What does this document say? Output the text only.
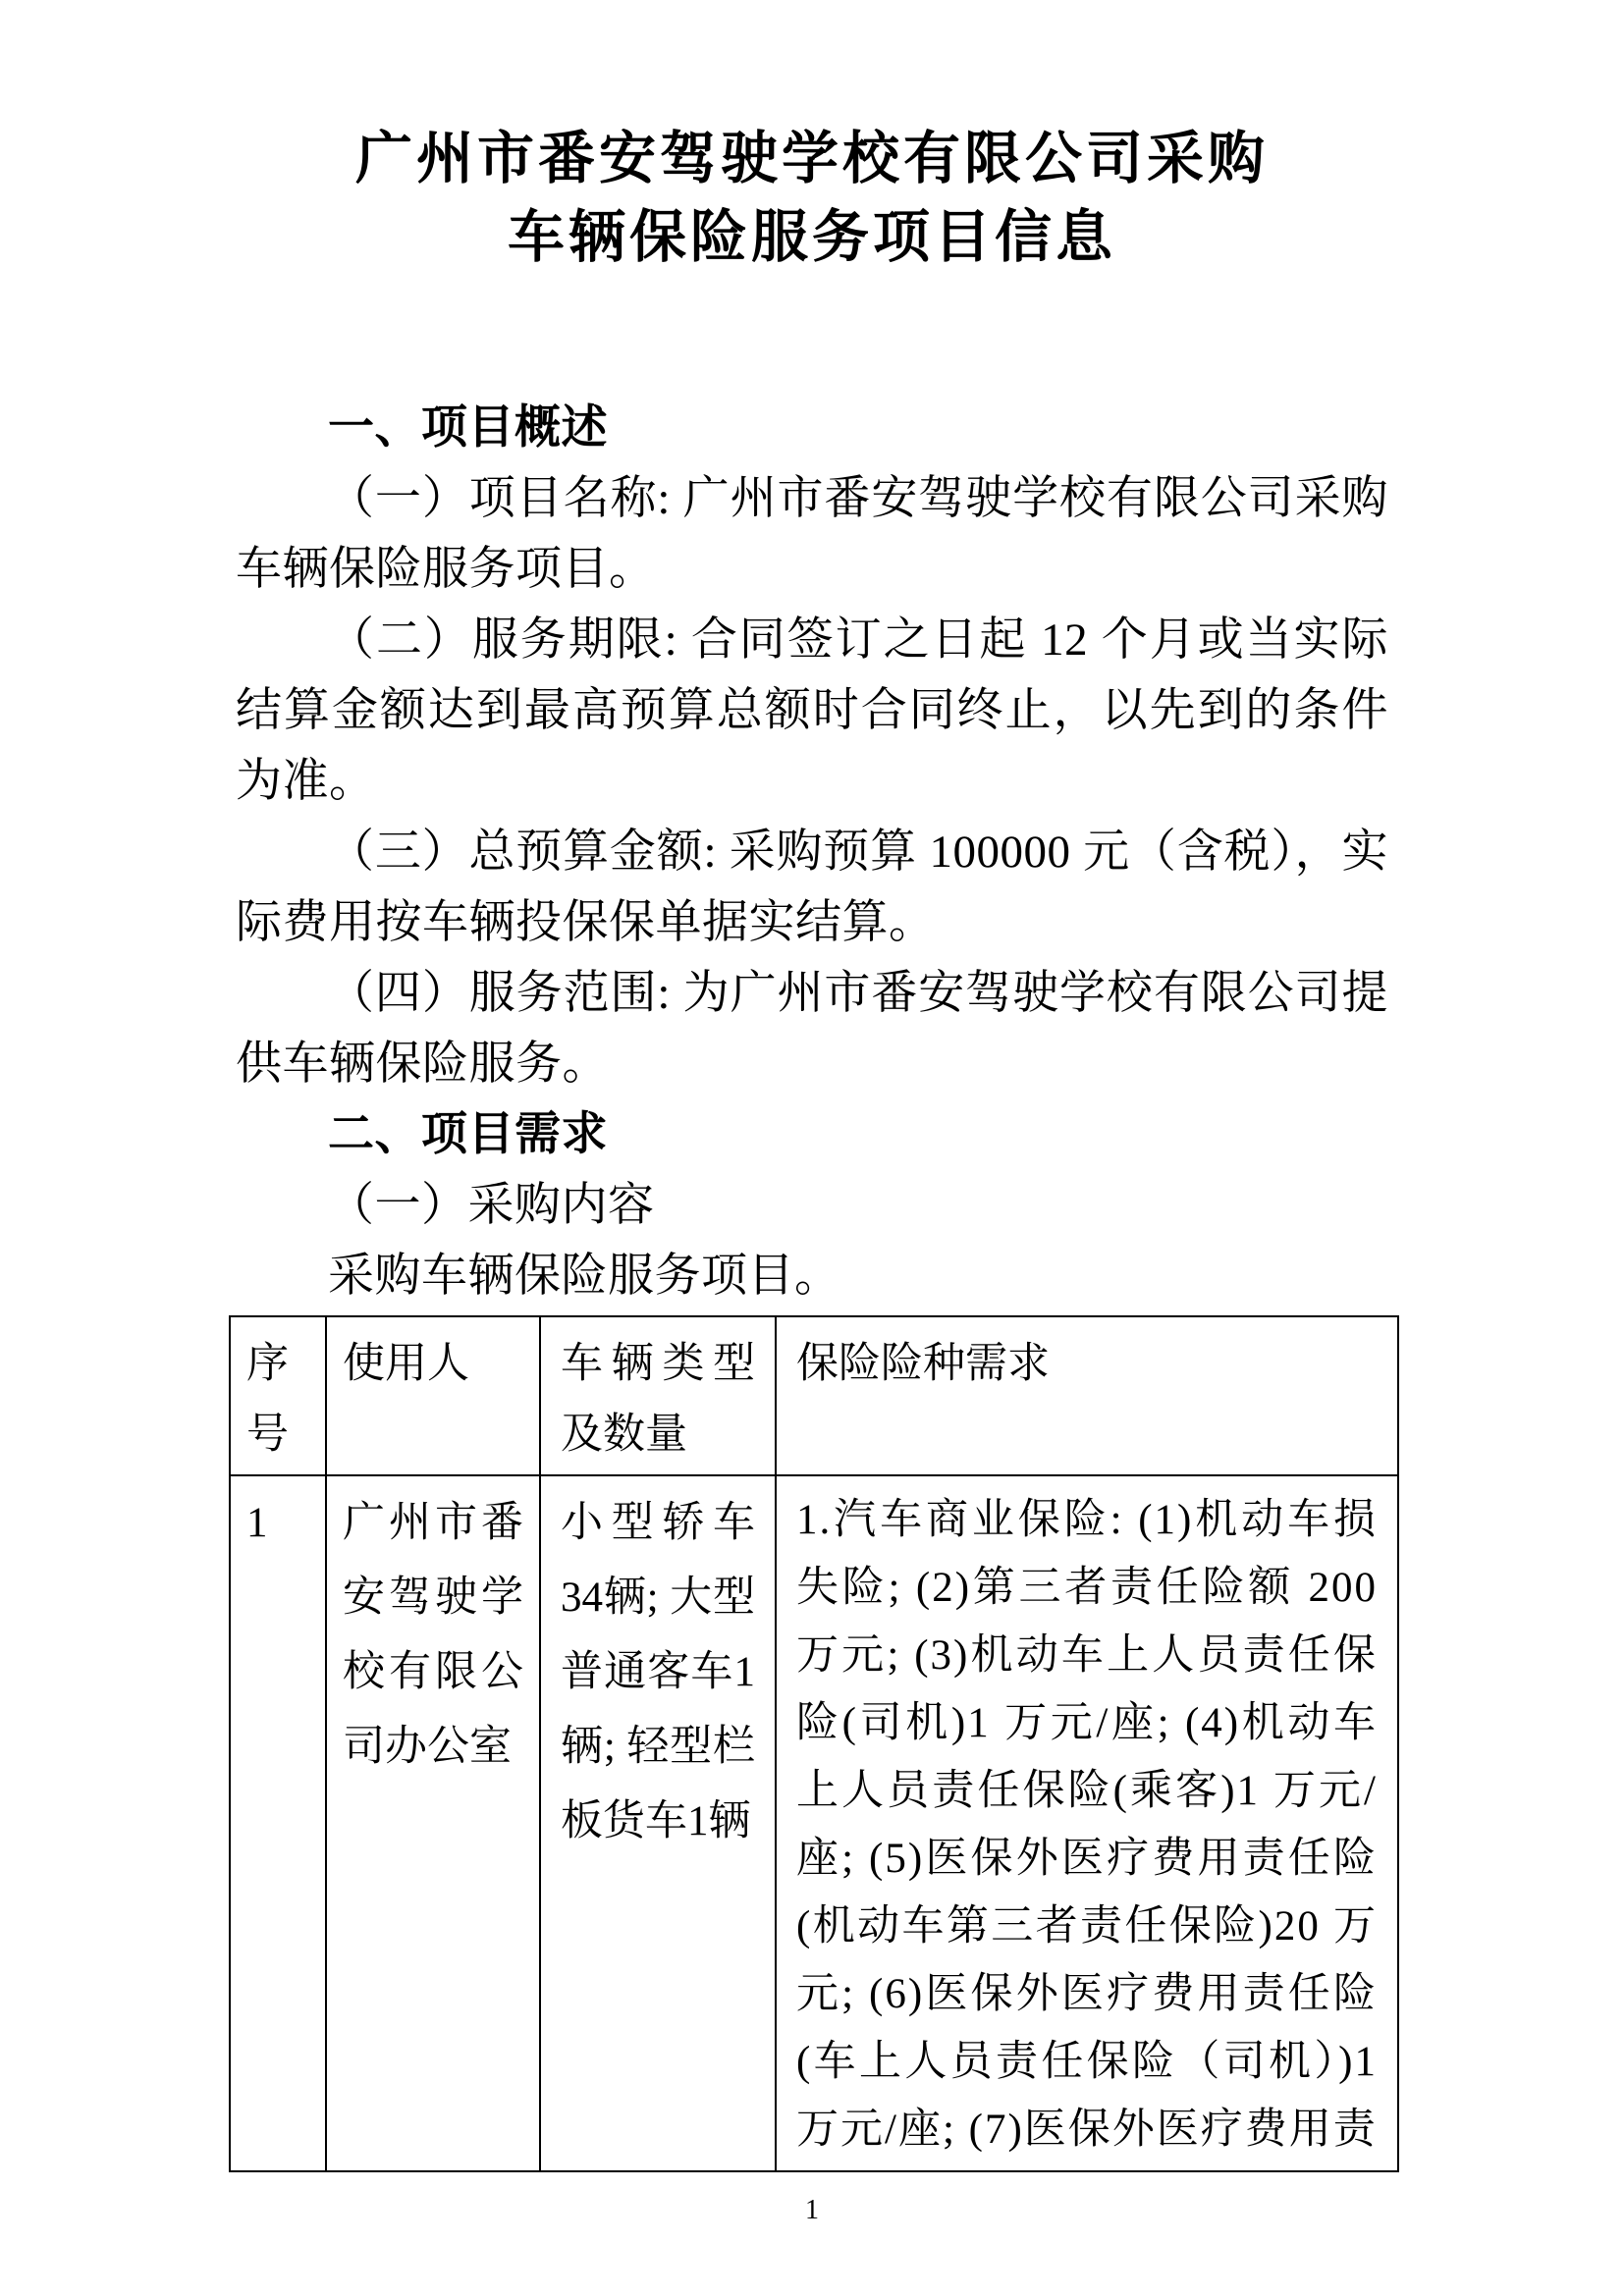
广州市番安驾驶学校有限公司采购
车辆保险服务项目信息

一、项目概述

（一）项目名称: 广州市番安驾驶学校有限公司采购车辆保险服务项目。

（二）服务期限: 合同签订之日起 12 个月或当实际结算金额达到最高预算总额时合同终止，以先到的条件为准。

（三）总预算金额: 采购预算 100000 元（含税），实际费用按车辆投保保单据实结算。

（四）服务范围: 为广州市番安驾驶学校有限公司提供车辆保险服务。

二、项目需求

（一）采购内容

采购车辆保险服务项目。

序号	使用人	车辆类型及数量	保险险种需求
1	广州市番安驾驶学校有限公司办公室	小型轿车34辆; 大型普通客车1辆; 轻型栏板货车1辆	1.汽车商业保险: (1)机动车损失险; (2)第三者责任险额 200 万元; (3)机动车上人员责任保险(司机)1 万元/座; (4)机动车上人员责任保险(乘客)1 万元/座; (5)医保外医疗费用责任险(机动车第三者责任保险)20 万元; (6)医保外医疗费用责任险(车上人员责任保险（司机）)1 万元/座; (7)医保外医疗费用责
1
